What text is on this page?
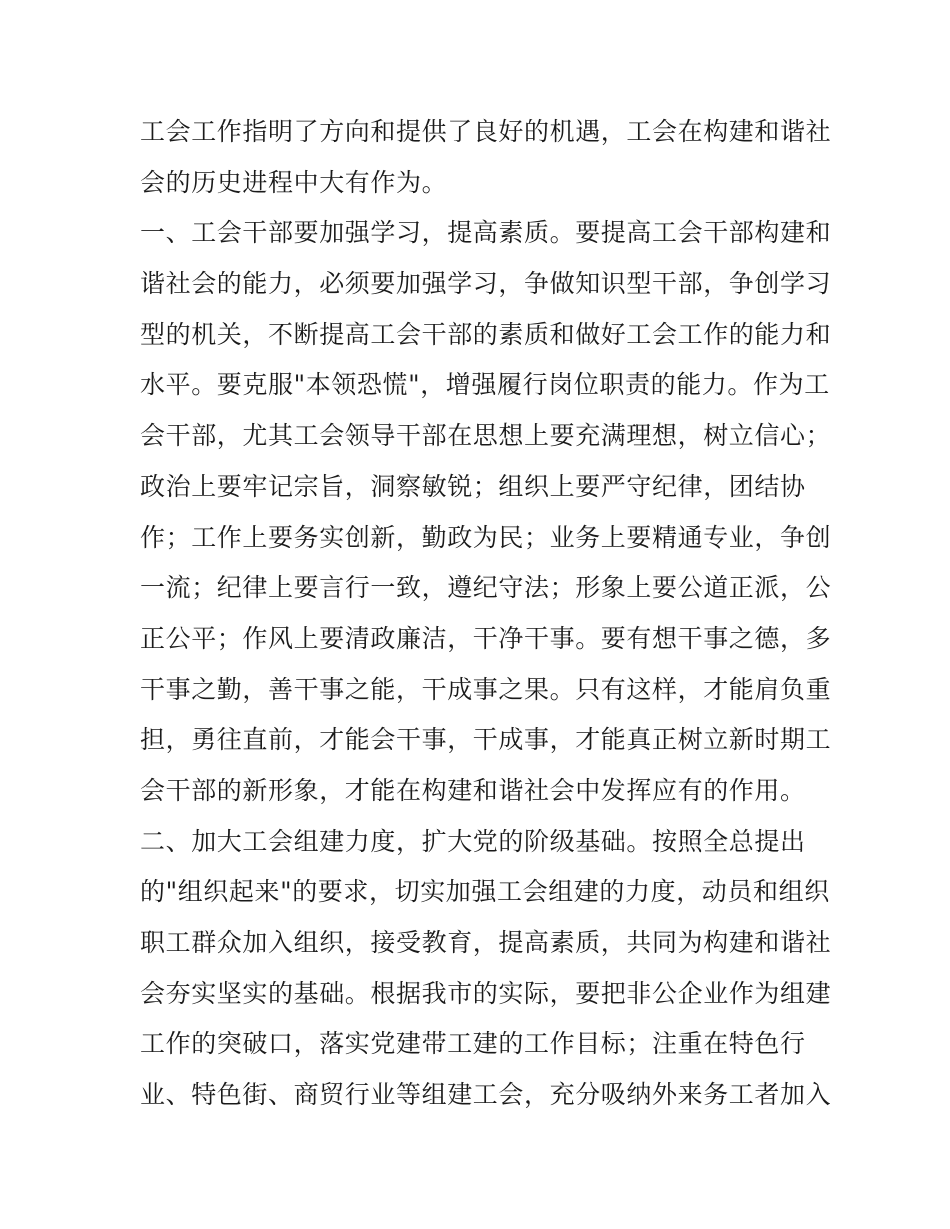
工会工作指明了方向和提供了良好的机遇，工会在构建和谐社
会的历史进程中大有作为。
一、工会干部要加强学习，提高素质。要提高工会干部构建和
谐社会的能力，必须要加强学习，争做知识型干部，争创学习
型的机关，不断提高工会干部的素质和做好工会工作的能力和
水平。要克服"本领恐慌"，增强履行岗位职责的能力。作为工
会干部，尤其工会领导干部在思想上要充满理想，树立信心；
政治上要牢记宗旨，洞察敏锐；组织上要严守纪律，团结协
作；工作上要务实创新，勤政为民；业务上要精通专业，争创
一流；纪律上要言行一致，遵纪守法；形象上要公道正派，公
正公平；作风上要清政廉洁，干净干事。要有想干事之德，多
干事之勤，善干事之能，干成事之果。只有这样，才能肩负重
担，勇往直前，才能会干事，干成事，才能真正树立新时期工
会干部的新形象，才能在构建和谐社会中发挥应有的作用。
二、加大工会组建力度，扩大党的阶级基础。按照全总提出
的"组织起来"的要求，切实加强工会组建的力度，动员和组织
职工群众加入组织，接受教育，提高素质，共同为构建和谐社
会夯实坚实的基础。根据我市的实际，要把非公企业作为组建
工作的突破口，落实党建带工建的工作目标；注重在特色行
业、特色街、商贸行业等组建工会，充分吸纳外来务工者加入
